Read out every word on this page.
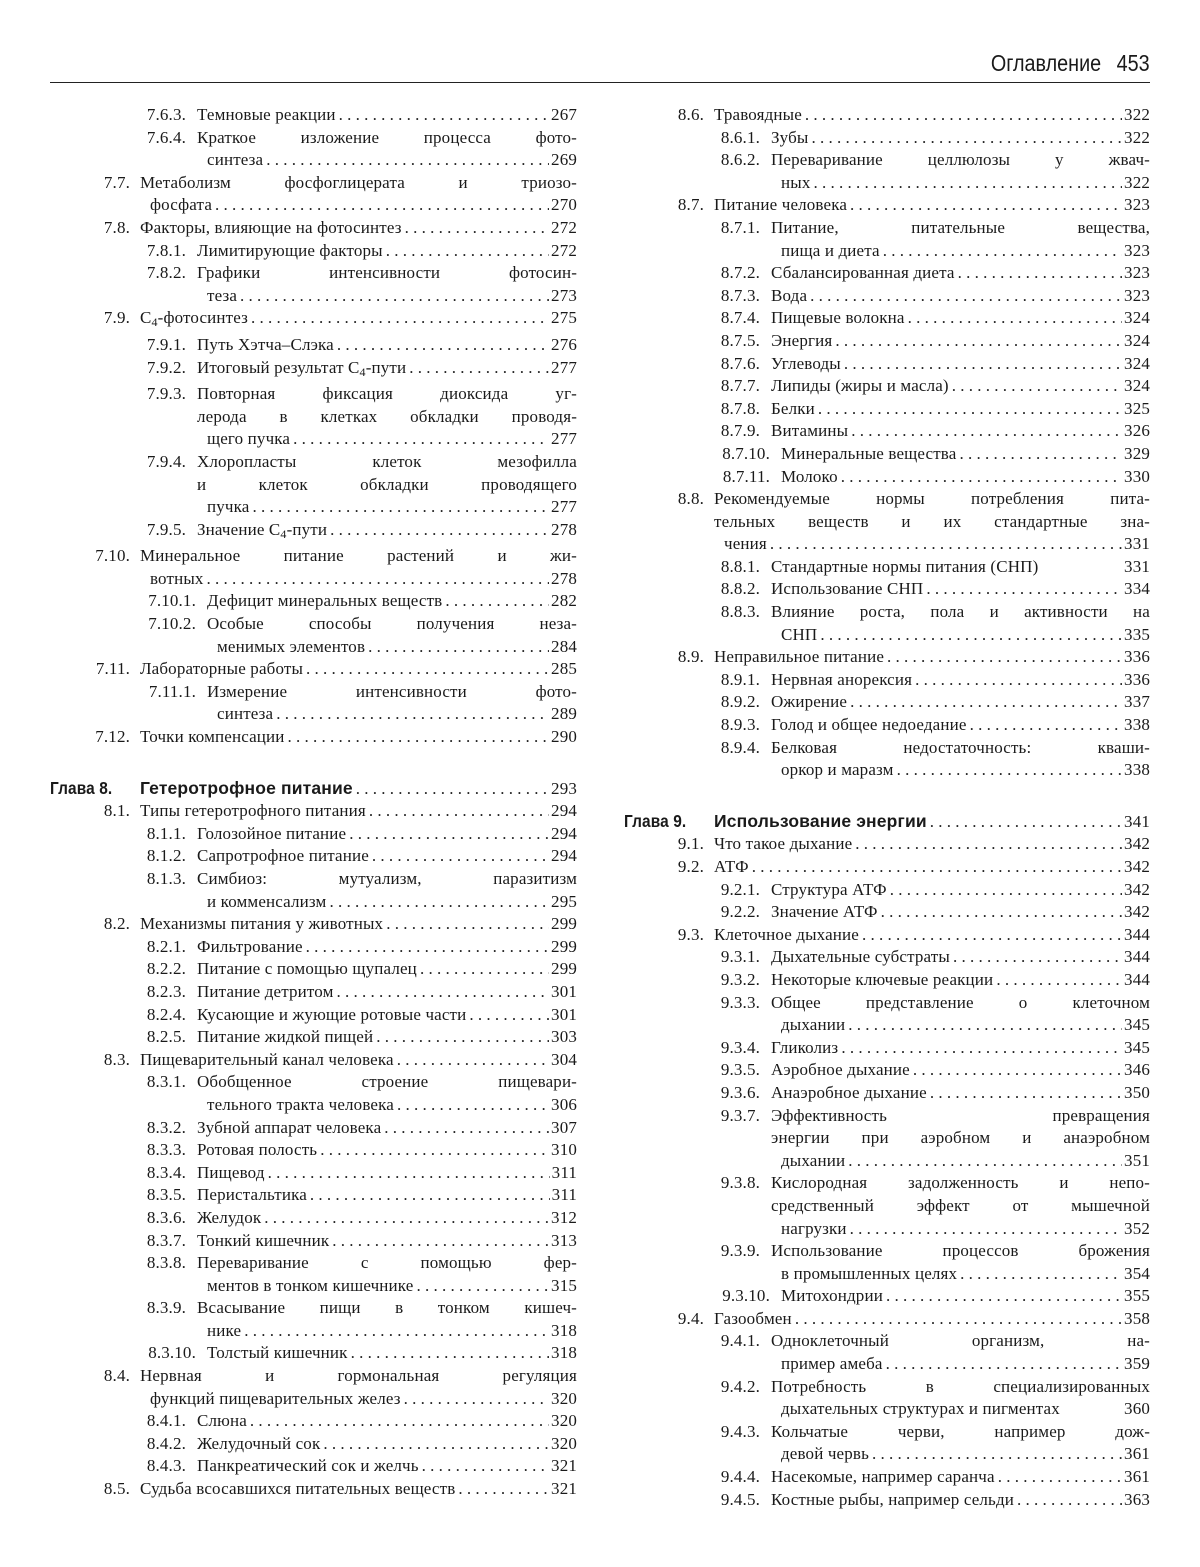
Оглавление 453
7.6.3. Темновые реакции . . .	267
7.6.4. Краткое изложение процесса фото-
синтеза . . .	269
7.7. Метаболизм фосфоглицерата и триозо-
фосфата . . .	270
7.8. Факторы, влияющие на фотосинтез . . .	272
7.8.1. Лимитирующие факторы . . .	272
7.8.2. Графики интенсивности фотосин-
теза . . .	273
7.9. $C_4$-фотосинтез . . .	275
7.9.1. Путь Хэтча–Слэка . . .	276
7.9.2. Итоговый результат $C_4$-пути . . .	277
7.9.3. Повторная фиксация диоксида уг-
лерода в клетках обкладки проводя-
щего пучка . . .	277
7.9.4. Хлоропласты клеток мезофилла
и клеток обкладки проводящего
пучка . . .	277
7.9.5. Значение $C_4$-пути . . .	278
7.10. Минеральное питание растений и жи-
вотных . . .	278
7.10.1. Дефицит минеральных веществ . . .	282
7.10.2. Особые способы получения неза-
менимых элементов . . .	284
7.11. Лабораторные работы . . .	285
7.11.1. Измерение интенсивности фото-
синтеза . . .	289
7.12. Точки компенсации . . .	290
Глава 8. Гетеротрофное питание . . .	293
8.1. Типы гетеротрофного питания . . .	294
8.1.1. Голозойное питание . . .	294
8.1.2. Сапротрофное питание . . .	294
8.1.3. Симбиоз: мутуализм, паразитизм
и комменсализм . . .	295
8.2. Механизмы питания у животных . . .	299
8.2.1. Фильтрование . . .	299
8.2.2. Питание с помощью щупалец . . .	299
8.2.3. Питание детритом . . .	301
8.2.4. Кусающие и жующие ротовые части . . .	301
8.2.5. Питание жидкой пищей . . .	303
8.3. Пищеварительный канал человека . . .	304
8.3.1. Обобщенное строение пищевари-
тельного тракта человека . . .	306
8.3.2. Зубной аппарат человека . . .	307
8.3.3. Ротовая полость . . .	310
8.3.4. Пищевод . . .	311
8.3.5. Перистальтика . . .	311
8.3.6. Желудок . . .	312
8.3.7. Тонкий кишечник . . .	313
8.3.8. Переваривание с помощью фер-
ментов в тонком кишечнике . . .	315
8.3.9. Всасывание пищи в тонком кишеч-
нике . . .	318
8.3.10. Толстый кишечник . . .	318
8.4. Нервная и гормональная регуляция
функций пищеварительных желез . . .	320
8.4.1. Слюна . . .	320
8.4.2. Желудочный сок . . .	320
8.4.3. Панкреатический сок и желчь . . .	321
8.5. Судьба всосавшихся питательных веществ . . .	321
8.6. Травоядные . . .	322
8.6.1. Зубы . . .	322
8.6.2. Переваривание целлюлозы у жвач-
ных . . .	322
8.7. Питание человека . . .	323
8.7.1. Питание, питательные вещества,
пища и диета . . .	323
8.7.2. Сбалансированная диета . . .	323
8.7.3. Вода . . .	323
8.7.4. Пищевые волокна . . .	324
8.7.5. Энергия . . .	324
8.7.6. Углеводы . . .	324
8.7.7. Липиды (жиры и масла) . . .	324
8.7.8. Белки . . .	325
8.7.9. Витамины . . .	326
8.7.10. Минеральные вещества . . .	329
8.7.11. Молоко . . .	330
8.8. Рекомендуемые нормы потребления пита-
тельных веществ и их стандартные зна-
чения . . .	331
8.8.1. Стандартные нормы питания (СНП)	331
8.8.2. Использование СНП . . .	334
8.8.3. Влияние роста, пола и активности на
СНП . . .	335
8.9. Неправильное питание . . .	336
8.9.1. Нервная анорексия . . .	336
8.9.2. Ожирение . . .	337
8.9.3. Голод и общее недоедание . . .	338
8.9.4. Белковая недостаточность: кваши-
оркор и маразм . . .	338
Глава 9. Использование энергии . . .	341
9.1. Что такое дыхание . . .	342
9.2. АТФ . . .	342
9.2.1. Структура АТФ . . .	342
9.2.2. Значение АТФ . . .	342
9.3. Клеточное дыхание . . .	344
9.3.1. Дыхательные субстраты . . .	344
9.3.2. Некоторые ключевые реакции . . .	344
9.3.3. Общее представление о клеточном
дыхании . . .	345
9.3.4. Гликолиз . . .	345
9.3.5. Аэробное дыхание . . .	346
9.3.6. Анаэробное дыхание . . .	350
9.3.7. Эффективность превращения
энергии при аэробном и анаэробном
дыхании . . .	351
9.3.8. Кислородная задолженность и непо-
средственный эффект от мышечной
нагрузки . . .	352
9.3.9. Использование процессов брожения
в промышленных целях . . .	354
9.3.10. Митохондрии . . .	355
9.4. Газообмен . . .	358
9.4.1. Одноклеточный организм, на-
пример амеба . . .	359
9.4.2. Потребность в специализированных
дыхательных структурах и пигментах	360
9.4.3. Кольчатые черви, например дож-
девой червь . . .	361
9.4.4. Насекомые, например саранча . . .	361
9.4.5. Костные рыбы, например сельди . . .	363
